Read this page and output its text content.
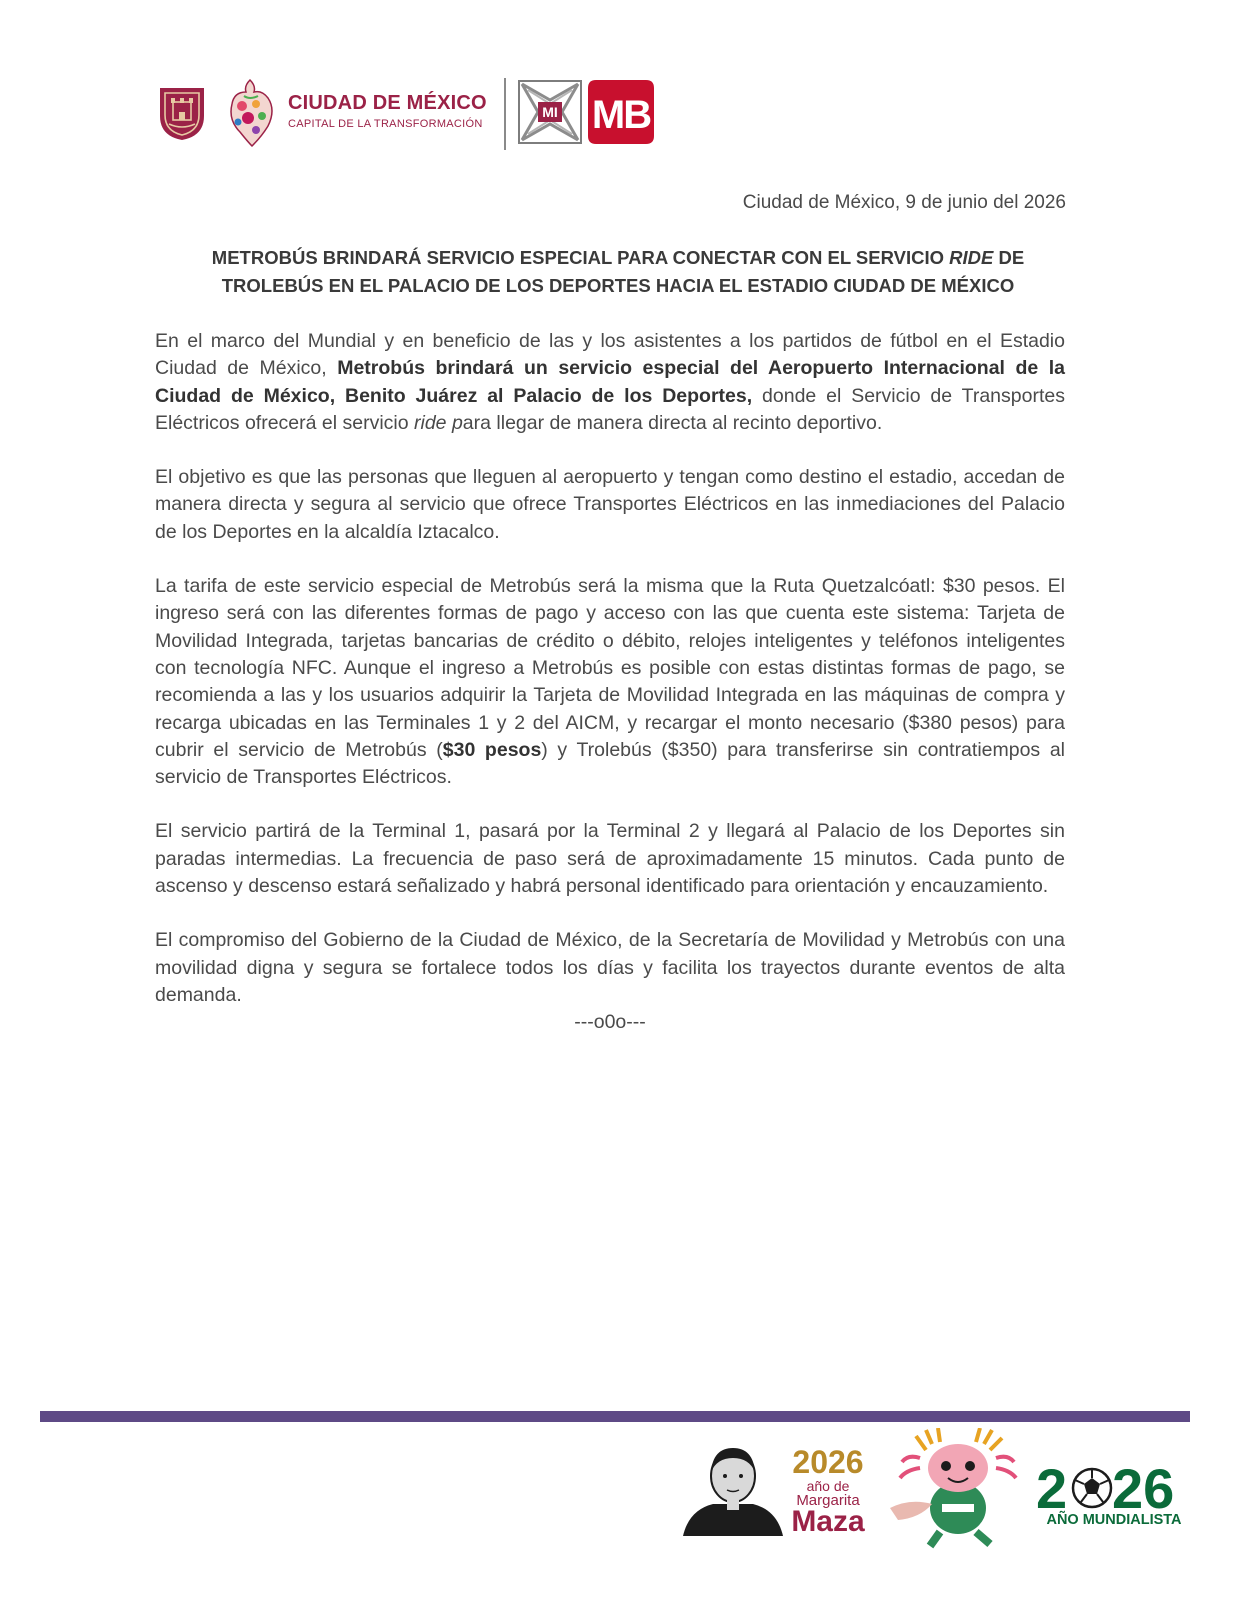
CIUDAD DE MÉXICO
CAPITAL DE LA TRANSFORMACIÓN
MI MB
Ciudad de México, 9 de junio del 2026
METROBÚS BRINDARÁ SERVICIO ESPECIAL PARA CONECTAR CON EL SERVICIO RIDE DE
TROLEBÚS EN EL PALACIO DE LOS DEPORTES HACIA EL ESTADIO CIUDAD DE MÉXICO

En el marco del Mundial y en beneficio de las y los asistentes a los partidos de fútbol en el Estadio Ciudad de México, Metrobús brindará un servicio especial del Aeropuerto Internacional de la Ciudad de México, Benito Juárez al Palacio de los Deportes, donde el Servicio de Transportes Eléctricos ofrecerá el servicio ride para llegar de manera directa al recinto deportivo.

El objetivo es que las personas que lleguen al aeropuerto y tengan como destino el estadio, accedan de manera directa y segura al servicio que ofrece Transportes Eléctricos en las inmediaciones del Palacio de los Deportes en la alcaldía Iztacalco.

La tarifa de este servicio especial de Metrobús será la misma que la Ruta Quetzalcóatl: $30 pesos. El ingreso será con las diferentes formas de pago y acceso con las que cuenta este sistema: Tarjeta de Movilidad Integrada, tarjetas bancarias de crédito o débito, relojes inteligentes y teléfonos inteligentes con tecnología NFC. Aunque el ingreso a Metrobús es posible con estas distintas formas de pago, se recomienda a las y los usuarios adquirir la Tarjeta de Movilidad Integrada en las máquinas de compra y recarga ubicadas en las Terminales 1 y 2 del AICM, y recargar el monto necesario ($380 pesos) para cubrir el servicio de Metrobús ($30 pesos) y Trolebús ($350) para transferirse sin contratiempos al servicio de Transportes Eléctricos.

El servicio partirá de la Terminal 1, pasará por la Terminal 2 y llegará al Palacio de los Deportes sin paradas intermedias. La frecuencia de paso será de aproximadamente 15 minutos. Cada punto de ascenso y descenso estará señalizado y habrá personal identificado para orientación y encauzamiento.

El compromiso del Gobierno de la Ciudad de México, de la Secretaría de Movilidad y Metrobús con una movilidad digna y segura se fortalece todos los días y facilita los trayectos durante eventos de alta demanda.

---o0o---

2026
año de
Margarita
Maza
2 26
AÑO MUNDIALISTA
